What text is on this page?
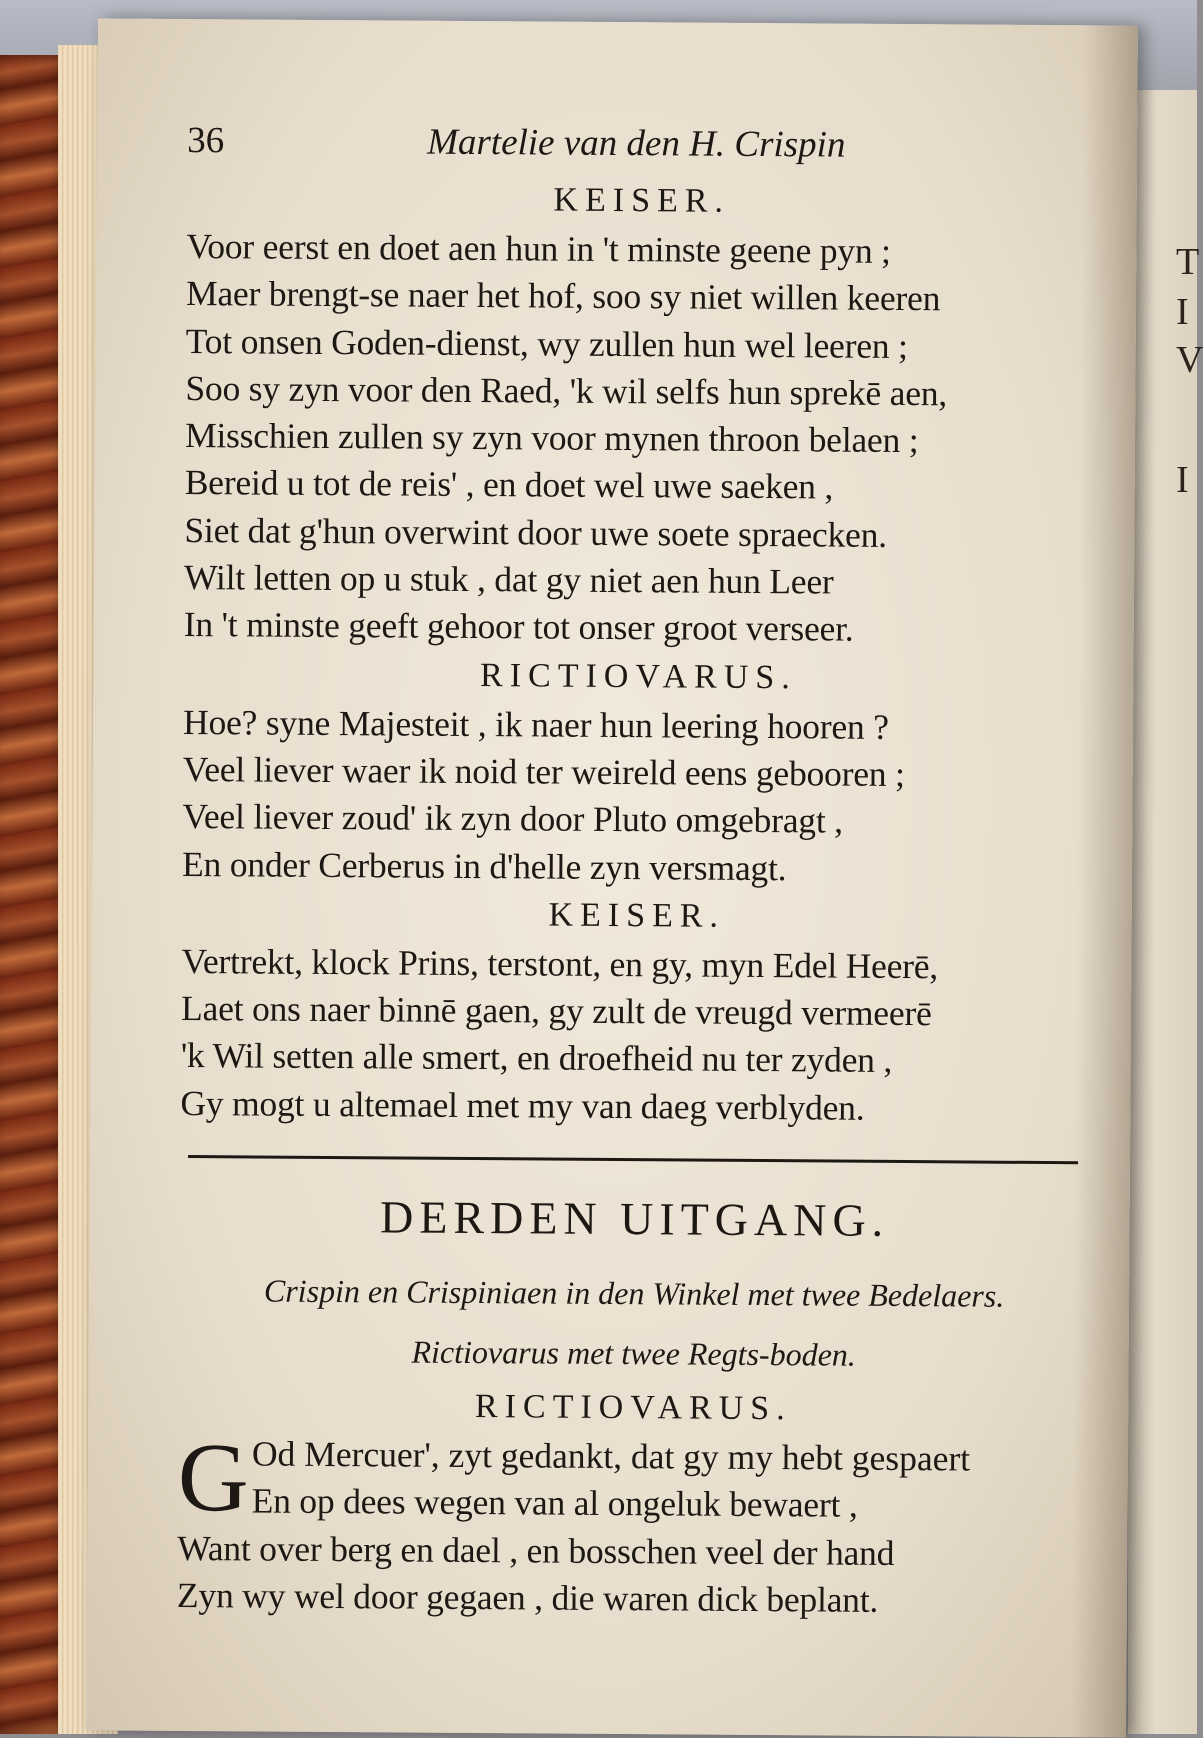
T
I
V
I
36	Martelie van den H. Crispin
KEISER.
Voor eerst en doet aen hun in 't minste geene pyn ;
Maer brengt-se naer het hof, soo sy niet willen keeren
Tot onsen Goden-dienst, wy zullen hun wel leeren ;
Soo sy zyn voor den Raed, 'k wil selfs hun sprekē aen,
Misschien zullen sy zyn voor mynen throon belaen ;
Bereid u tot de reis' , en doet wel uwe saeken ,
Siet dat g'hun overwint door uwe soete spraecken.
Wilt letten op u stuk , dat gy niet aen hun Leer
In 't minste geeft gehoor tot onser groot verseer.
RICTIOVARUS.
Hoe? syne Majesteit , ik naer hun leering hooren ?
Veel liever waer ik noid ter weireld eens gebooren ;
Veel liever zoud' ik zyn door Pluto omgebragt ,
En onder Cerberus in d'helle zyn versmagt.
KEISER.
Vertrekt, klock Prins, terstont, en gy, myn Edel Heerē,
Laet ons naer binnē gaen, gy zult de vreugd vermeerē
'k Wil setten alle smert, en droefheid nu ter zyden ,
Gy mogt u altemael met my van daeg verblyden.
DERDEN UITGANG.
Crispin en Crispiniaen in den Winkel met twee Bedelaers.
Rictiovarus met twee Regts-boden.
RICTIOVARUS.
G Od Mercuer', zyt gedankt, dat gy my hebt gespaert
En op dees wegen van al ongeluk bewaert ,
Want over berg en dael , en bosschen veel der hand
Zyn wy wel door gegaen , die waren dick beplant.
